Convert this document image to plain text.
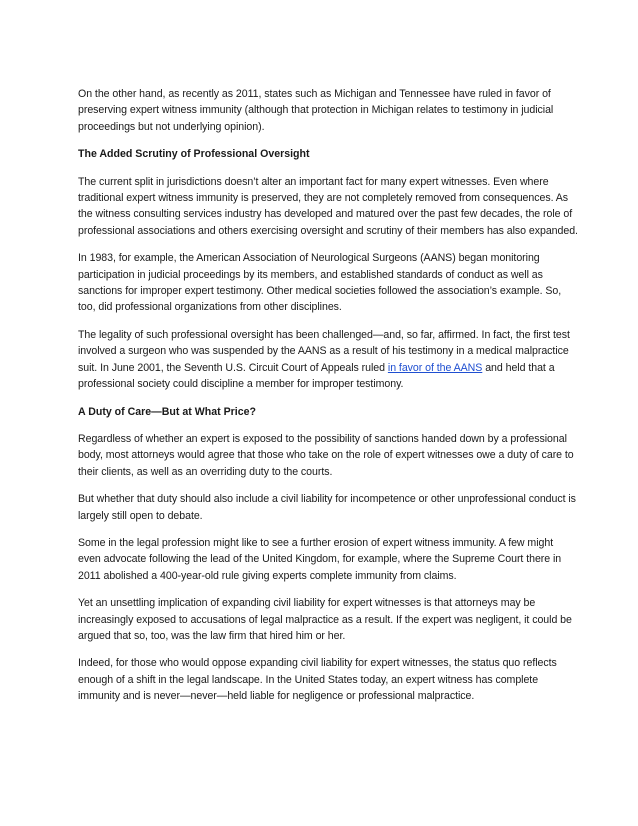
On the other hand, as recently as 2011, states such as Michigan and Tennessee have ruled in favor of preserving expert witness immunity (although that protection in Michigan relates to testimony in judicial proceedings but not underlying opinion).

The Added Scrutiny of Professional Oversight

The current split in jurisdictions doesn’t alter an important fact for many expert witnesses. Even where traditional expert witness immunity is preserved, they are not completely removed from consequences. As the witness consulting services industry has developed and matured over the past few decades, the role of professional associations and others exercising oversight and scrutiny of their members has also expanded.

In 1983, for example, the American Association of Neurological Surgeons (AANS) began monitoring participation in judicial proceedings by its members, and established standards of conduct as well as sanctions for improper expert testimony. Other medical societies followed the association’s example. So, too, did professional organizations from other disciplines.

The legality of such professional oversight has been challenged—and, so far, affirmed. In fact, the first test involved a surgeon who was suspended by the AANS as a result of his testimony in a medical malpractice suit. In June 2001, the Seventh U.S. Circuit Court of Appeals ruled in favor of the AANS and held that a professional society could discipline a member for improper testimony.

A Duty of Care—But at What Price?

Regardless of whether an expert is exposed to the possibility of sanctions handed down by a professional body, most attorneys would agree that those who take on the role of expert witnesses owe a duty of care to their clients, as well as an overriding duty to the courts.

But whether that duty should also include a civil liability for incompetence or other unprofessional conduct is largely still open to debate.

Some in the legal profession might like to see a further erosion of expert witness immunity. A few might even advocate following the lead of the United Kingdom, for example, where the Supreme Court there in 2011 abolished a 400-year-old rule giving experts complete immunity from claims.

Yet an unsettling implication of expanding civil liability for expert witnesses is that attorneys may be increasingly exposed to accusations of legal malpractice as a result. If the expert was negligent, it could be argued that so, too, was the law firm that hired him or her.

Indeed, for those who would oppose expanding civil liability for expert witnesses, the status quo reflects enough of a shift in the legal landscape. In the United States today, an expert witness has complete immunity and is never—never—held liable for negligence or professional malpractice.
